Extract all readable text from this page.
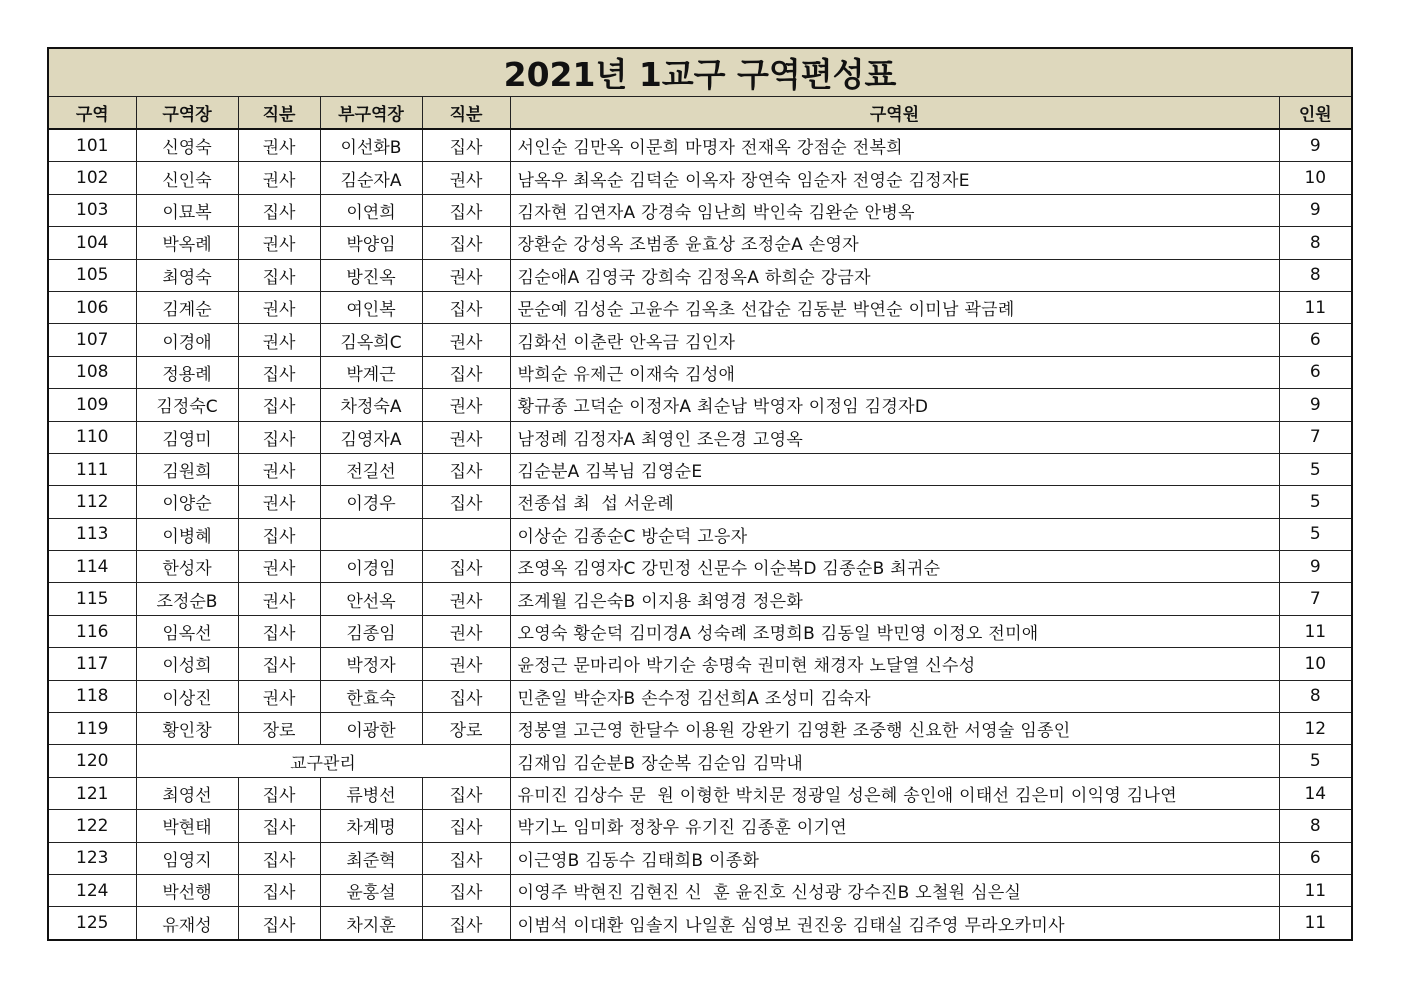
2021년 1교구 구역편성표						
구역	구역장	직분	부구역장	직분	구역원	인원
101	신영숙	권사	이선화B	집사	서인순 김만옥 이문희 마명자 전재옥 강점순 전복희	9
102	신인숙	권사	김순자A	권사	남옥우 최옥순 김덕순 이옥자 장연숙 임순자 전영순 김정자E	10
103	이묘복	집사	이연희	집사	김자현 김연자A 강경숙 임난희 박인숙 김완순 안병옥	9
104	박옥례	권사	박양임	집사	장환순 강성옥 조범종 윤효상 조정순A 손영자	8
105	최영숙	집사	방진옥	권사	김순애A 김영국 강희숙 김정옥A 하희순 강금자	8
106	김계순	권사	여인복	집사	문순예 김성순 고윤수 김옥초 선갑순 김동분 박연순 이미남 곽금례	11
107	이경애	권사	김옥희C	권사	김화선 이춘란 안옥금 김인자	6
108	정용례	집사	박계근	집사	박희순 유제근 이재숙 김성애	6
109	김정숙C	집사	차정숙A	권사	황규종 고덕순 이정자A 최순남 박영자 이정임 김경자D	9
110	김영미	집사	김영자A	권사	남정례 김정자A 최영인 조은경 고영옥	7
111	김원희	권사	전길선	집사	김순분A 김복님 김영순E	5
112	이양순	권사	이경우	집사	전종섭 최  섭 서운례	5
113	이병혜	집사			이상순 김종순C 방순덕 고응자	5
114	한성자	권사	이경임	집사	조영옥 김영자C 강민정 신문수 이순복D 김종순B 최귀순	9
115	조정순B	권사	안선옥	권사	조계월 김은숙B 이지용 최영경 정은화	7
116	임옥선	집사	김종임	권사	오영숙 황순덕 김미경A 성숙례 조명희B 김동일 박민영 이정오 전미애	11
117	이성희	집사	박정자	권사	윤정근 문마리아 박기순 송명숙 권미현 채경자 노달열 신수성	10
118	이상진	권사	한효숙	집사	민춘일 박순자B 손수정 김선희A 조성미 김숙자	8
119	황인창	장로	이광한	장로	정봉열 고근영 한달수 이용원 강완기 김영환 조중행 신요한 서영술 임종인	12
120	교구관리				김재임 김순분B 장순복 김순임 김막내	5
121	최영선	집사	류병선	집사	유미진 김상수 문  원 이형한 박치문 정광일 성은혜 송인애 이태선 김은미 이익영 김나연	14
122	박현태	집사	차계명	집사	박기노 임미화 정창우 유기진 김종훈 이기연	8
123	임영지	집사	최준혁	집사	이근영B 김동수 김태희B 이종화	6
124	박선행	집사	윤홍설	집사	이영주 박현진 김현진 신  훈 윤진호 신성광 강수진B 오철원 심은실	11
125	유재성	집사	차지훈	집사	이범석 이대환 임솔지 나일훈 심영보 권진웅 김태실 김주영 무라오카미사	11
